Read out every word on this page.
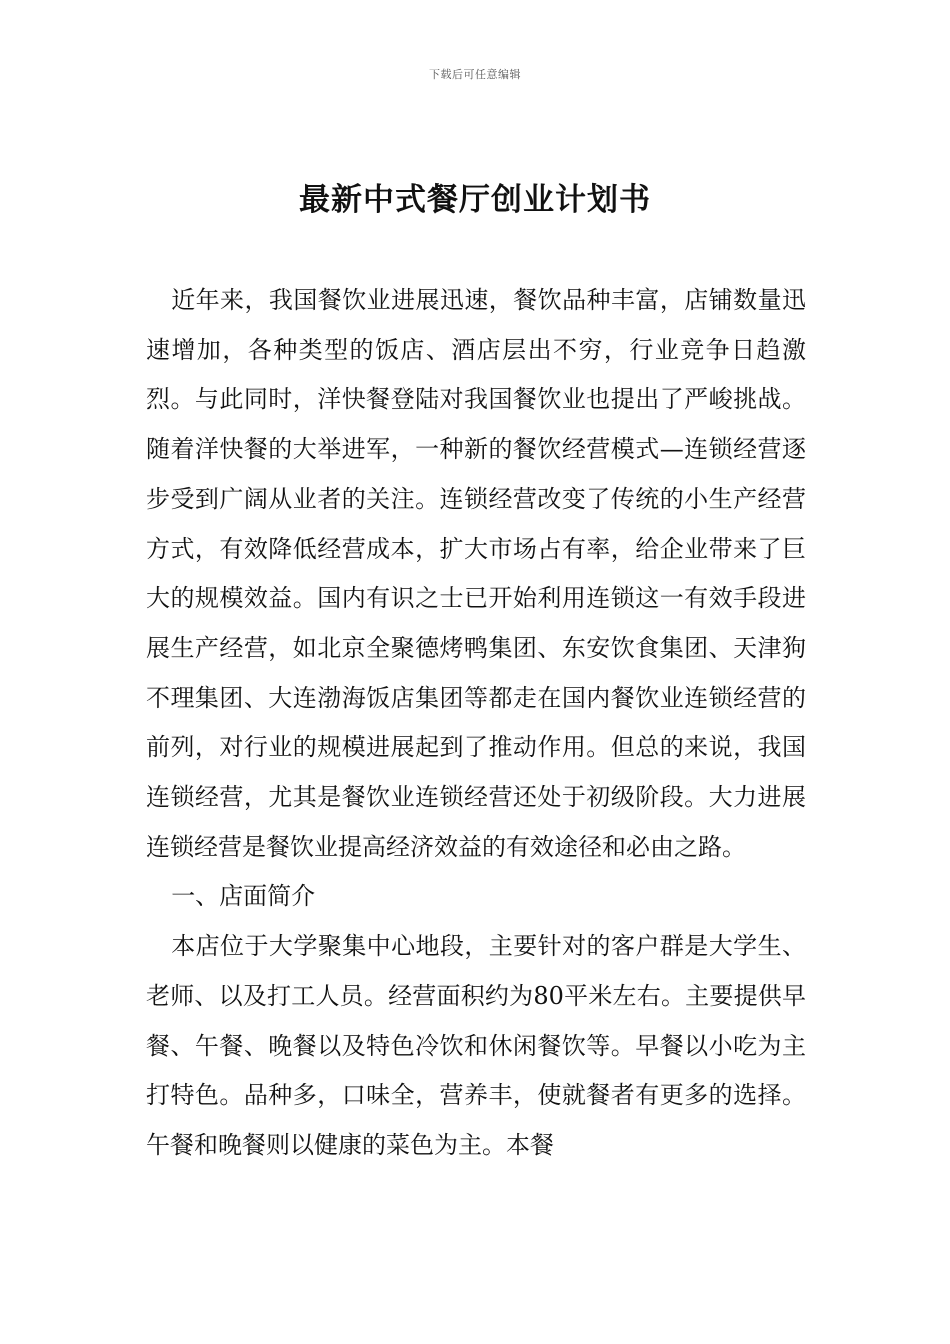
下载后可任意编辑
最新中式餐厅创业计划书

近年来，我国餐饮业进展迅速，餐饮品种丰富，店铺数量迅速增加，各种类型的饭店、酒店层出不穷，行业竞争日趋激烈。与此同时，洋快餐登陆对我国餐饮业也提出了严峻挑战。随着洋快餐的大举进军，一种新的餐饮经营模式—连锁经营逐步受到广阔从业者的关注。连锁经营改变了传统的小生产经营方式，有效降低经营成本，扩大市场占有率，给企业带来了巨大的规模效益。国内有识之士已开始利用连锁这一有效手段进展生产经营，如北京全聚德烤鸭集团、东安饮食集团、天津狗不理集团、大连渤海饭店集团等都走在国内餐饮业连锁经营的前列，对行业的规模进展起到了推动作用。但总的来说，我国连锁经营，尤其是餐饮业连锁经营还处于初级阶段。大力进展连锁经营是餐饮业提高经济效益的有效途径和必由之路。

一、店面简介

本店位于大学聚集中心地段，主要针对的客户群是大学生、老师、以及打工人员。经营面积约为80平米左右。主要提供早餐、午餐、晚餐以及特色冷饮和休闲餐饮等。早餐以小吃为主打特色。品种多，口味全，营养丰，使就餐者有更多的选择。午餐和晚餐则以健康的菜色为主。本餐
